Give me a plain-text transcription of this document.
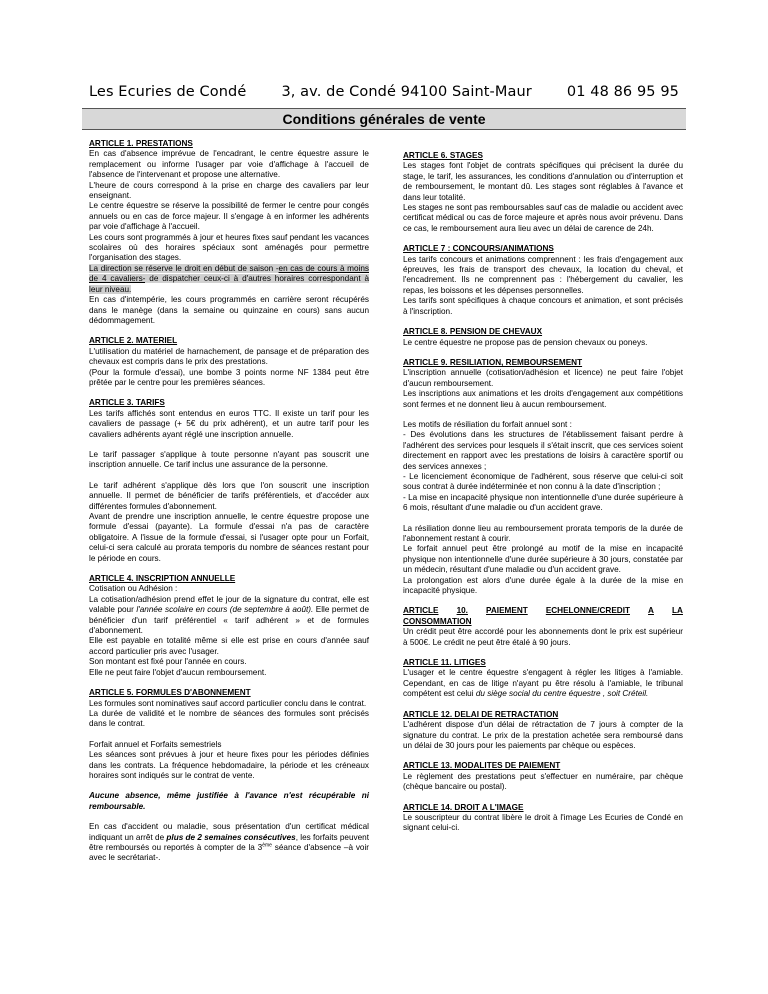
Les Ecuries de Condé 3, av. de Condé 94100 Saint-Maur 01 48 86 95 95
Conditions générales de vente
ARTICLE 1. PRESTATIONS

En cas d'absence imprévue de l'encadrant, le centre équestre assure le remplacement ou informe l'usager par voie d'affichage à l'accueil de l'absence de l'intervenant et propose une alternative.

L'heure de cours correspond à la prise en charge des cavaliers par leur enseignant.

Le centre équestre se réserve la possibilité de fermer le centre pour congés annuels ou en cas de force majeur. Il s'engage à en informer les adhérents par voie d'affichage à l'accueil.

Les cours sont programmés à jour et heures fixes sauf pendant les vacances scolaires où des horaires spéciaux sont aménagés pour permettre l'organisation des stages.

La direction se réserve le droit en début de saison -en cas de cours à moins de 4 cavaliers- de dispatcher ceux-ci à d'autres horaires correspondant à leur niveau.

En cas d'intempérie, les cours programmés en carrière seront récupérés dans le manège (dans la semaine ou quinzaine en cours) sans aucun dédommagement.

ARTICLE 2. MATERIEL

L'utilisation du matériel de harnachement, de pansage et de préparation des chevaux est compris dans le prix des prestations.

(Pour la formule d'essai), une bombe 3 points norme NF 1384 peut être prêtée par le centre pour les premières séances.

ARTICLE 3. TARIFS

Les tarifs affichés sont entendus en euros TTC. Il existe un tarif pour les cavaliers de passage (+ 5€ du prix adhérent), et un autre tarif pour les cavaliers adhérents ayant réglé une inscription annuelle.

Le tarif passager s'applique à toute personne n'ayant pas souscrit une inscription annuelle. Ce tarif inclus une assurance de la personne.

Le tarif adhérent s'applique dès lors que l'on souscrit une inscription annuelle. Il permet de bénéficier de tarifs préférentiels, et d'accéder aux différentes formules d'abonnement.

Avant de prendre une inscription annuelle, le centre équestre propose une formule d'essai (payante). La formule d'essai n'a pas de caractère obligatoire. A l'issue de la formule d'essai, si l'usager opte pour un Forfait, celui-ci sera calculé au prorata temporis du nombre de séances restant pour le période en cours.

ARTICLE 4. INSCRIPTION ANNUELLE

Cotisation ou Adhésion :

La cotisation/adhésion prend effet le jour de la signature du contrat, elle est valable pour l'année scolaire en cours (de septembre à août). Elle permet de bénéficier d'un tarif préférentiel « tarif adhérent » et de formules d'abonnement.

Elle est payable en totalité même si elle est prise en cours d'année sauf accord particulier pris avec l'usager.

Son montant est fixé pour l'année en cours.

Elle ne peut faire l'objet d'aucun remboursement.

ARTICLE 5. FORMULES D'ABONNEMENT

Les formules sont nominatives sauf accord particulier conclu dans le contrat.

La durée de validité et le nombre de séances des formules sont précisés dans le contrat.

Forfait annuel et Forfaits semestriels

Les séances sont prévues à jour et heure fixes pour les périodes définies dans les contrats. La fréquence hebdomadaire, la période et les créneaux horaires sont indiqués sur le contrat de vente.

Aucune absence, même justifiée à l'avance n'est récupérable ni remboursable.

En cas d'accident ou maladie, sous présentation d'un certificat médical indiquant un arrêt de plus de 2 semaines consécutives, les forfaits peuvent être remboursés ou reportés à compter de la 3ème séance d'absence –à voir avec le secrétariat-.

ARTICLE 6. STAGES

Les stages font l'objet de contrats spécifiques qui précisent la durée du stage, le tarif, les assurances, les conditions d'annulation ou d'interruption et de remboursement, le montant dû. Les stages sont réglables à l'avance et dans leur totalité.

Les stages ne sont pas remboursables sauf cas de maladie ou accident avec certificat médical ou cas de force majeure et après nous avoir prévenu. Dans ce cas, le remboursement aura lieu avec un délai de carence de 24h.

ARTICLE 7 : CONCOURS/ANIMATIONS

Les tarifs concours et animations comprennent : les frais d'engagement aux épreuves, les frais de transport des chevaux, la location du cheval, et l'encadrement. Ils ne comprennent pas : l'hébergement du cavalier, les repas, les boissons et les dépenses personnelles.

Les tarifs sont spécifiques à chaque concours et animation, et sont précisés à l'inscription.

ARTICLE 8. PENSION DE CHEVAUX

Le centre équestre ne propose pas de pension chevaux ou poneys.

ARTICLE 9. RESILIATION, REMBOURSEMENT

L'inscription annuelle (cotisation/adhésion et licence) ne peut faire l'objet d'aucun remboursement.

Les inscriptions aux animations et les droits d'engagement aux compétitions sont fermes et ne donnent lieu à aucun remboursement.

Les motifs de résiliation du forfait annuel sont :

- Des évolutions dans les structures de l'établissement faisant perdre à l'adhérent des services pour lesquels il s'était inscrit, que ces services soient directement en rapport avec les prestations de loisirs à caractère sportif ou des services annexes ;

- Le licenciement économique de l'adhérent, sous réserve que celui-ci soit sous contrat à durée indéterminée et non connu à la date d'inscription ;

- La mise en incapacité physique non intentionnelle d'une durée supérieure à 6 mois, résultant d'une maladie ou d'un accident grave.

La résiliation donne lieu au remboursement prorata temporis de la durée de l'abonnement restant à courir.

Le forfait annuel peut être prolongé au motif de la mise en incapacité physique non intentionnelle d'une durée supérieure à 30 jours, constatée par un médecin, résultant d'une maladie ou d'un accident grave.

La prolongation est alors d'une durée égale à la durée de la mise en incapacité physique.

ARTICLE 10. PAIEMENT ECHELONNE/CREDIT A LA
CONSOMMATION

Un crédit peut être accordé pour les abonnements dont le prix est supérieur à 500€. Le crédit ne peut être étalé à 90 jours.

ARTICLE 11. LITIGES

L'usager et le centre équestre s'engagent à régler les litiges à l'amiable. Cependant, en cas de litige n'ayant pu être résolu à l'amiable, le tribunal compétent est celui du siège social du centre équestre , soit Créteil.

ARTICLE 12. DELAI DE RETRACTATION

L'adhérent dispose d'un délai de rétractation de 7 jours à compter de la signature du contrat. Le prix de la prestation achetée sera remboursé dans un délai de 30 jours pour les paiements par chèque ou espèces.

ARTICLE 13. MODALITES DE PAIEMENT

Le règlement des prestations peut s'effectuer en numéraire, par chèque (chèque bancaire ou postal).

ARTICLE 14. DROIT A L'IMAGE

Le souscripteur du contrat libère le droit à l'image Les Ecuries de Condé en signant celui-ci.
